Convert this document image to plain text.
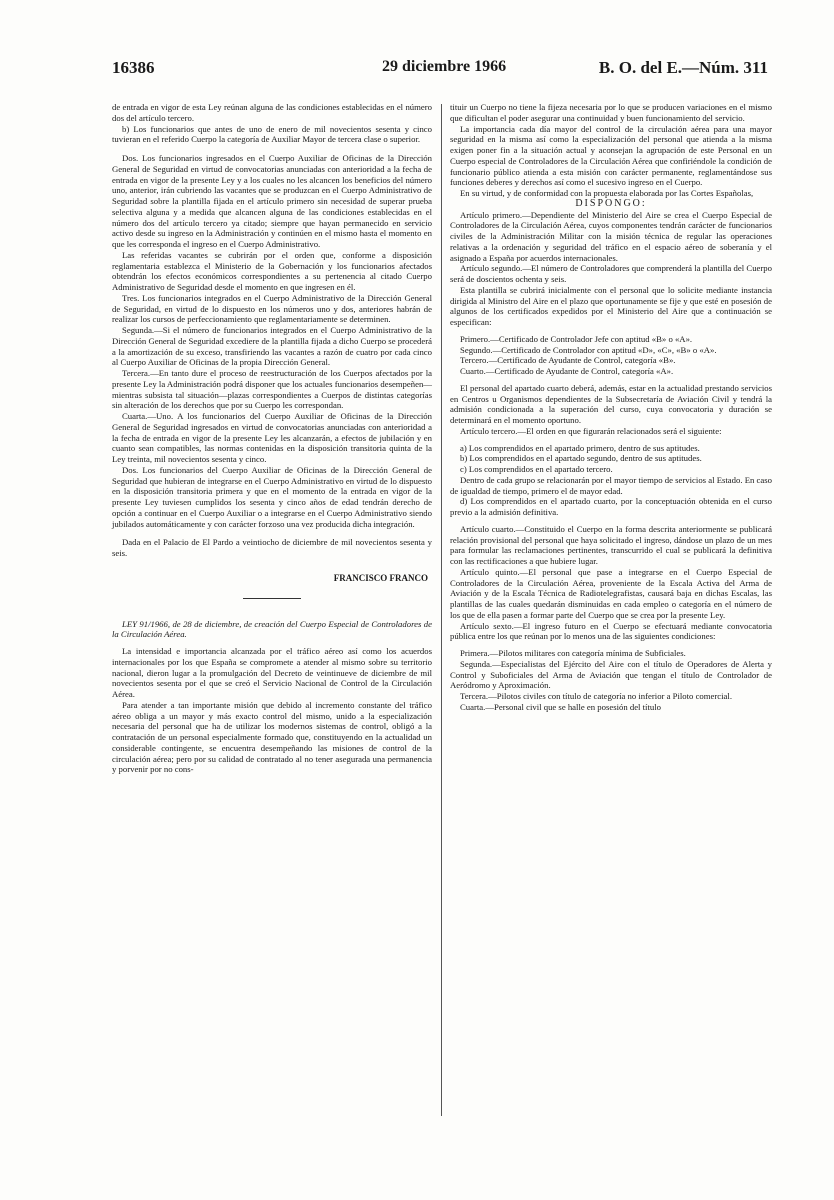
16386	29 diciembre 1966	B. O. del E.—Núm. 311

de entrada en vigor de esta Ley reúnan alguna de las condiciones establecidas en el número dos del artículo tercero.

b) Los funcionarios que antes de uno de enero de mil novecientos sesenta y cinco tuvieran en el referido Cuerpo la categoría de Auxiliar Mayor de tercera clase o superior.

Dos. Los funcionarios ingresados en el Cuerpo Auxiliar de Oficinas de la Dirección General de Seguridad en virtud de convocatorias anunciadas con anterioridad a la fecha de entrada en vigor de la presente Ley y a los cuales no les alcancen los beneficios del número uno, anterior, irán cubriendo las vacantes que se produzcan en el Cuerpo Administrativo de Seguridad sobre la plantilla fijada en el artículo primero sin necesidad de superar prueba selectiva alguna y a medida que alcancen alguna de las condiciones establecidas en el número dos del artículo tercero ya citado; siempre que hayan permanecido en servicio activo desde su ingreso en la Administración y continúen en el mismo hasta el momento en que les corresponda el ingreso en el Cuerpo Administrativo.

Las referidas vacantes se cubrirán por el orden que, conforme a disposición reglamentaria establezca el Ministerio de la Gobernación y los funcionarios afectados obtendrán los efectos económicos correspondientes a su pertenencia al citado Cuerpo Administrativo de Seguridad desde el momento en que ingresen en él.

Tres. Los funcionarios integrados en el Cuerpo Administrativo de la Dirección General de Seguridad, en virtud de lo dispuesto en los números uno y dos, anteriores habrán de realizar los cursos de perfeccionamiento que reglamentariamente se determinen.

Segunda.—Si el número de funcionarios integrados en el Cuerpo Administrativo de la Dirección General de Seguridad excediere de la plantilla fijada a dicho Cuerpo se procederá a la amortización de su exceso, transfiriendo las vacantes a razón de cuatro por cada cinco al Cuerpo Auxiliar de Oficinas de la propia Dirección General.

Tercera.—En tanto dure el proceso de reestructuración de los Cuerpos afectados por la presente Ley la Administración podrá disponer que los actuales funcionarios desempeñen—mientras subsista tal situación—plazas correspondientes a Cuerpos de distintas categorías sin alteración de los derechos que por su Cuerpo les correspondan.

Cuarta.—Uno. A los funcionarios del Cuerpo Auxiliar de Oficinas de la Dirección General de Seguridad ingresados en virtud de convocatorias anunciadas con anterioridad a la fecha de entrada en vigor de la presente Ley les alcanzarán, a efectos de jubilación y en cuanto sean compatibles, las normas contenidas en la disposición transitoria quinta de la Ley treinta, mil novecientos sesenta y cinco.

Dos. Los funcionarios del Cuerpo Auxiliar de Oficinas de la Dirección General de Seguridad que hubieran de integrarse en el Cuerpo Administrativo en virtud de lo dispuesto en la disposición transitoria primera y que en el momento de la entrada en vigor de la presente Ley tuviesen cumplidos los sesenta y cinco años de edad tendrán derecho de opción a continuar en el Cuerpo Auxiliar o a integrarse en el Cuerpo Administrativo siendo jubilados automáticamente y con carácter forzoso una vez producida dicha integración.

Dada en el Palacio de El Pardo a veintiocho de diciembre de mil novecientos sesenta y seis.

FRANCISCO FRANCO

LEY 91/1966, de 28 de diciembre, de creación del Cuerpo Especial de Controladores de la Circulación Aérea.

La intensidad e importancia alcanzada por el tráfico aéreo así como los acuerdos internacionales por los que España se compromete a atender al mismo sobre su territorio nacional, dieron lugar a la promulgación del Decreto de veintinueve de diciembre de mil novecientos sesenta por el que se creó el Servicio Nacional de Control de la Circulación Aérea.

Para atender a tan importante misión que debido al incremento constante del tráfico aéreo obliga a un mayor y más exacto control del mismo, unido a la especialización necesaria del personal que ha de utilizar los modernos sistemas de control, obligó a la contratación de un personal especialmente formado que, constituyendo en la actualidad un considerable contingente, se encuentra desempeñando las misiones de control de la circulación aérea; pero por su calidad de contratado al no tener asegurada una permanencia y porvenir por no cons-

tituir un Cuerpo no tiene la fijeza necesaria por lo que se producen variaciones en el mismo que dificultan el poder asegurar una continuidad y buen funcionamiento del servicio.

La importancia cada día mayor del control de la circulación aérea para una mayor seguridad en la misma así como la especialización del personal que atienda a la misma exigen poner fin a la situación actual y aconsejan la agrupación de este Personal en un Cuerpo especial de Controladores de la Circulación Aérea que confiriéndole la condición de funcionario público atienda a esta misión con carácter permanente, reglamentándose sus funciones deberes y derechos así como el sucesivo ingreso en el Cuerpo.

En su virtud, y de conformidad con la propuesta elaborada por las Cortes Españolas,

DISPONGO:

Artículo primero.—Dependiente del Ministerio del Aire se crea el Cuerpo Especial de Controladores de la Circulación Aérea, cuyos componentes tendrán carácter de funcionarios civiles de la Administración Militar con la misión técnica de regular las operaciones relativas a la ordenación y seguridad del tráfico en el espacio aéreo de soberanía y el asignado a España por acuerdos internacionales.

Artículo segundo.—El número de Controladores que comprenderá la plantilla del Cuerpo será de doscientos ochenta y seis.

Esta plantilla se cubrirá inicialmente con el personal que lo solicite mediante instancia dirigida al Ministro del Aire en el plazo que oportunamente se fije y que esté en posesión de algunos de los certificados expedidos por el Ministerio del Aire que a continuación se especifican:

Primero.—Certificado de Controlador Jefe con aptitud «B» o «A».

Segundo.—Certificado de Controlador con aptitud «D», «C», «B» o «A».

Tercero.—Certificado de Ayudante de Control, categoría «B».

Cuarto.—Certificado de Ayudante de Control, categoría «A».

El personal del apartado cuarto deberá, además, estar en la actualidad prestando servicios en Centros u Organismos dependientes de la Subsecretaría de Aviación Civil y tendrá la admisión condicionada a la superación del curso, cuya convocatoria y duración se determinará en el momento oportuno.

Artículo tercero.—El orden en que figurarán relacionados será el siguiente:

a) Los comprendidos en el apartado primero, dentro de sus aptitudes.

b) Los comprendidos en el apartado segundo, dentro de sus aptitudes.

c) Los comprendidos en el apartado tercero.

Dentro de cada grupo se relacionarán por el mayor tiempo de servicios al Estado. En caso de igualdad de tiempo, primero el de mayor edad.

d) Los comprendidos en el apartado cuarto, por la conceptuación obtenida en el curso previo a la admisión definitiva.

Artículo cuarto.—Constituido el Cuerpo en la forma descrita anteriormente se publicará relación provisional del personal que haya solicitado el ingreso, dándose un plazo de un mes para formular las reclamaciones pertinentes, transcurrido el cual se publicará la definitiva con las rectificaciones a que hubiere lugar.

Artículo quinto.—El personal que pase a integrarse en el Cuerpo Especial de Controladores de la Circulación Aérea, proveniente de la Escala Activa del Arma de Aviación y de la Escala Técnica de Radiotelegrafistas, causará baja en dichas Escalas, las plantillas de las cuales quedarán disminuidas en cada empleo o categoría en el número de los que de ella pasen a formar parte del Cuerpo que se crea por la presente Ley.

Artículo sexto.—El ingreso futuro en el Cuerpo se efectuará mediante convocatoria pública entre los que reúnan por lo menos una de las siguientes condiciones:

Primera.—Pilotos militares con categoría mínima de Subficiales.

Segunda.—Especialistas del Ejército del Aire con el título de Operadores de Alerta y Control y Suboficiales del Arma de Aviación que tengan el título de Controlador de Aeródromo y Aproximación.

Tercera.—Pilotos civiles con título de categoría no inferior a Piloto comercial.

Cuarta.—Personal civil que se halle en posesión del título
